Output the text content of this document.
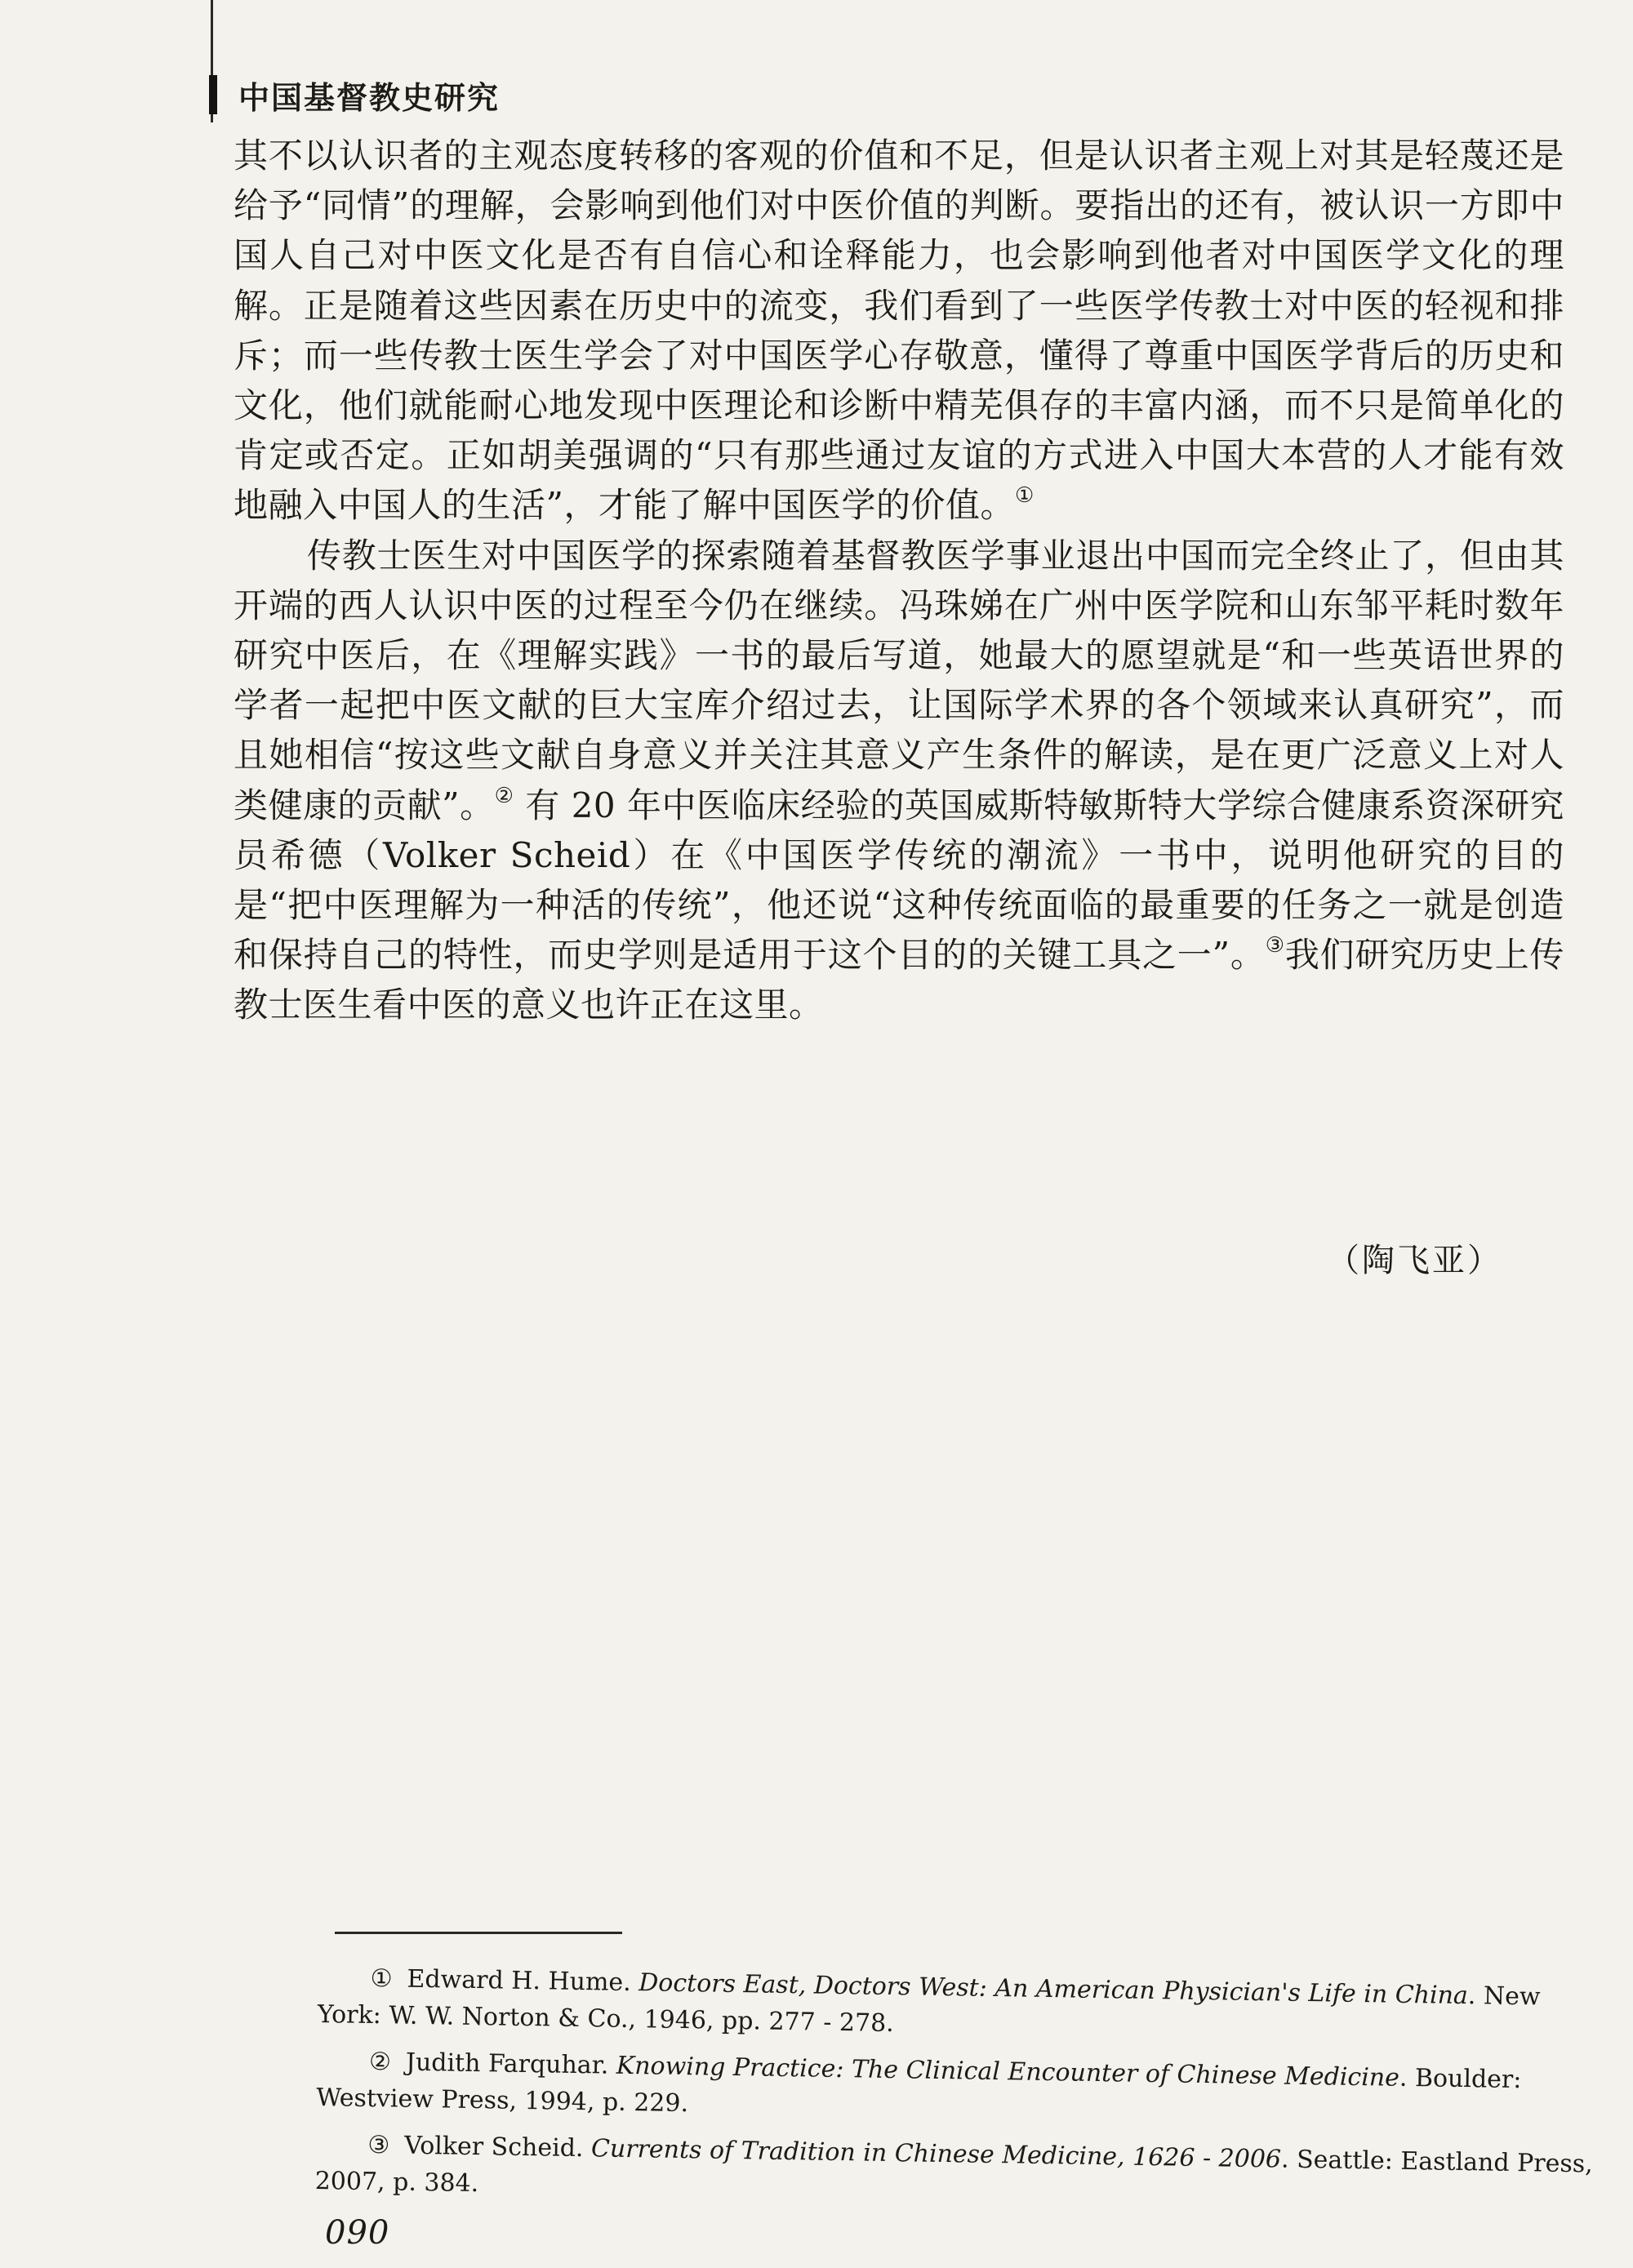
中国基督教史研究

其不以认识者的主观态度转移的客观的价值和不足，但是认识者主观上对其是轻蔑还是给予“同情”的理解，会影响到他们对中医价值的判断。要指出的还有，被认识一方即中国人自己对中医文化是否有自信心和诠释能力，也会影响到他者对中国医学文化的理解。正是随着这些因素在历史中的流变，我们看到了一些医学传教士对中医的轻视和排斥；而一些传教士医生学会了对中国医学心存敬意，懂得了尊重中国医学背后的历史和文化，他们就能耐心地发现中医理论和诊断中精芜俱存的丰富内涵，而不只是简单化的肯定或否定。正如胡美强调的“只有那些通过友谊的方式进入中国大本营的人才能有效地融入中国人的生活”，才能了解中国医学的价值。①

传教士医生对中国医学的探索随着基督教医学事业退出中国而完全终止了，但由其开端的西人认识中医的过程至今仍在继续。冯珠娣在广州中医学院和山东邹平耗时数年研究中医后，在《理解实践》一书的最后写道，她最大的愿望就是“和一些英语世界的学者一起把中医文献的巨大宝库介绍过去，让国际学术界的各个领域来认真研究”，而且她相信“按这些文献自身意义并关注其意义产生条件的解读，是在更广泛意义上对人类健康的贡献”。② 有 20 年中医临床经验的英国威斯特敏斯特大学综合健康系资深研究员希德（Volker Scheid）在《中国医学传统的潮流》一书中，说明他研究的目的是“把中医理解为一种活的传统”，他还说“这种传统面临的最重要的任务之一就是创造和保持自己的特性，而史学则是适用于这个目的的关键工具之一”。③我们研究历史上传教士医生看中医的意义也许正在这里。

（陶飞亚）

① Edward H. Hume. Doctors East, Doctors West: An American Physician's Life in China. New York: W. W. Norton & Co., 1946, pp. 277 - 278.

② Judith Farquhar. Knowing Practice: The Clinical Encounter of Chinese Medicine. Boulder: Westview Press, 1994, p. 229.

③ Volker Scheid. Currents of Tradition in Chinese Medicine, 1626 - 2006. Seattle: Eastland Press, 2007, p. 384.

090
